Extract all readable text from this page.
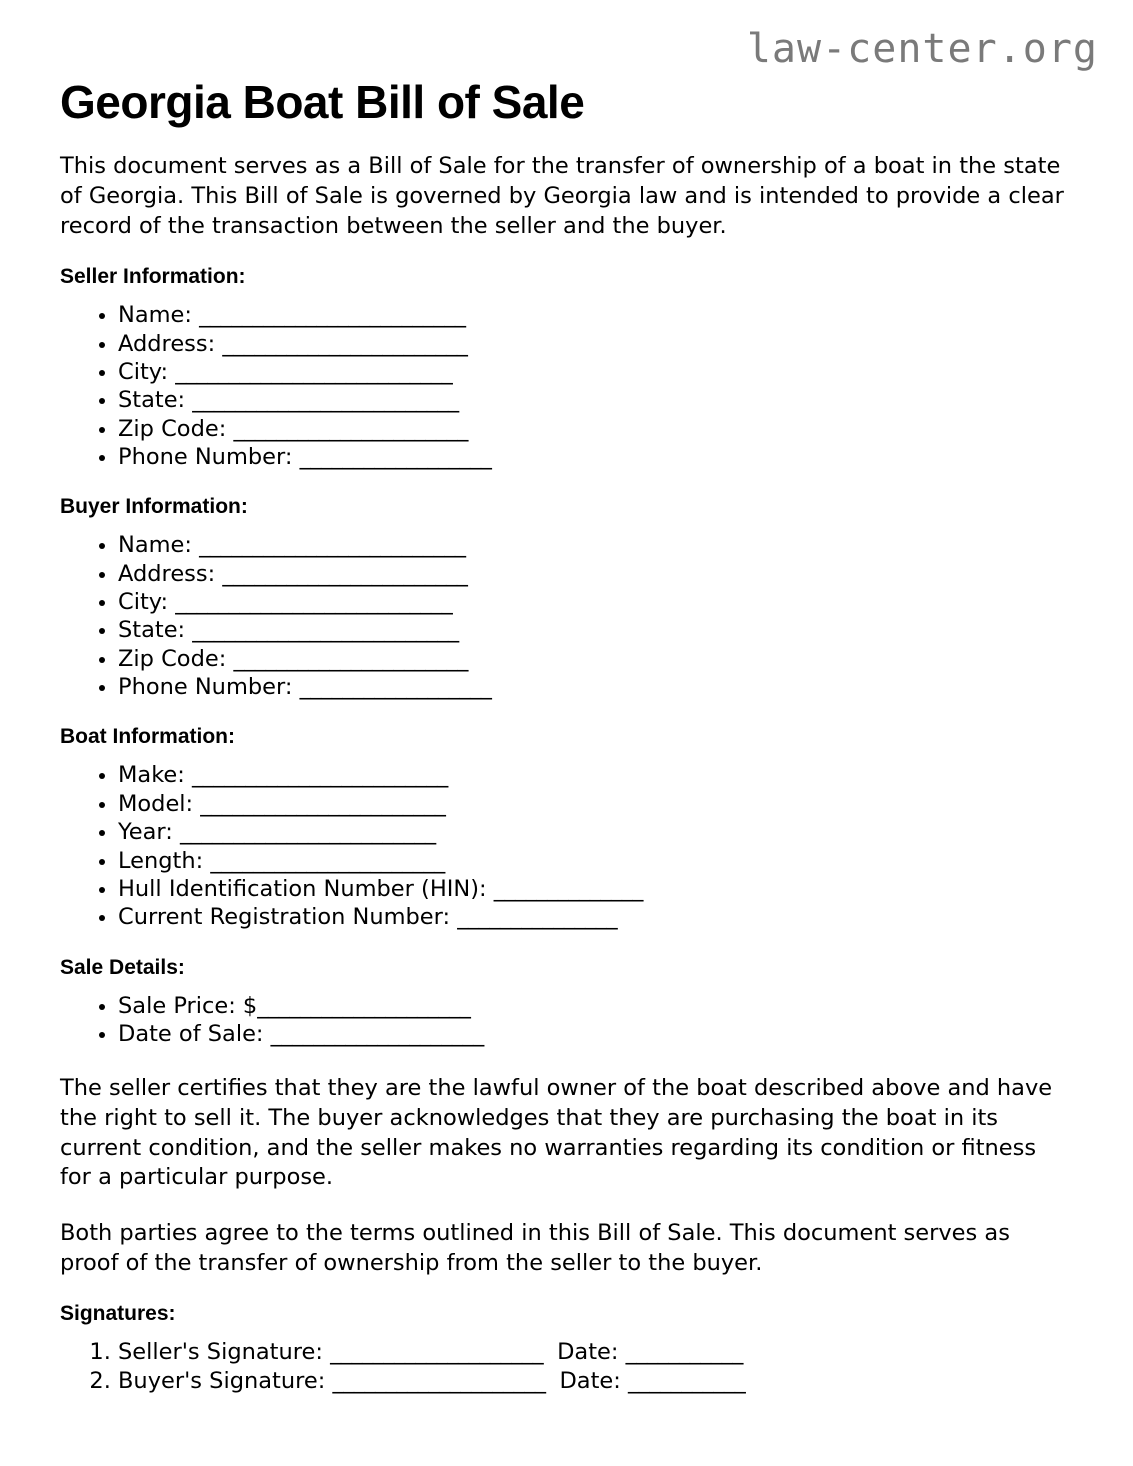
law-center.org
Georgia Boat Bill of Sale

This document serves as a Bill of Sale for the transfer of ownership of a boat in the state of Georgia. This Bill of Sale is governed by Georgia law and is intended to provide a clear record of the transaction between the seller and the buyer.

Seller Information:
• Name: _________________________
• Address: _______________________
• City: __________________________
• State: _________________________
• Zip Code: ______________________
• Phone Number: __________________
Buyer Information:
• Name: _________________________
• Address: _______________________
• City: __________________________
• State: _________________________
• Zip Code: ______________________
• Phone Number: __________________
Boat Information:
• Make: ________________________
• Model: _______________________
• Year: ________________________
• Length: ______________________
• Hull Identification Number (HIN): ______________
• Current Registration Number: _______________
Sale Details:
• Sale Price: $____________________
• Date of Sale: ____________________

The seller certifies that they are the lawful owner of the boat described above and have the right to sell it. The buyer acknowledges that they are purchasing the boat in its current condition, and the seller makes no warranties regarding its condition or fitness for a particular purpose.

Both parties agree to the terms outlined in this Bill of Sale. This document serves as proof of the transfer of ownership from the seller to the buyer.

Signatures:
1. Seller's Signature: ____________________ Date: ___________
2. Buyer's Signature: ____________________ Date: ___________
